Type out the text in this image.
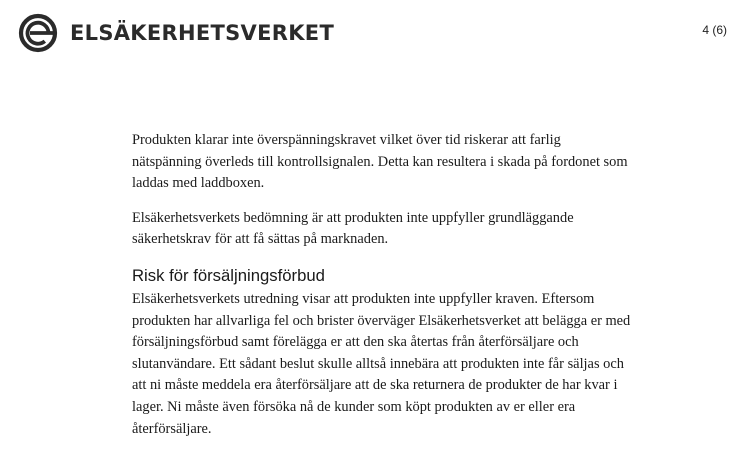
ELSÄKERHETSVERKET	4 (6)

Produkten klarar inte överspänningskravet vilket över tid riskerar att farlig nätspänning överleds till kontrollsignalen. Detta kan resultera i skada på fordonet som laddas med laddboxen.

Elsäkerhetsverkets bedömning är att produkten inte uppfyller grundläggande säkerhetskrav för att få sättas på marknaden.

Risk för försäljningsförbud

Elsäkerhetsverkets utredning visar att produkten inte uppfyller kraven. Eftersom produkten har allvarliga fel och brister överväger Elsäkerhetsverket att belägga er med försäljningsförbud samt förelägga er att den ska återtas från återförsäljare och slutanvändare. Ett sådant beslut skulle alltså innebära att produkten inte får säljas och att ni måste meddela era återförsäljare att de ska returnera de produkter de har kvar i lager. Ni måste även försöka nå de kunder som köpt produkten av er eller era återförsäljare.
